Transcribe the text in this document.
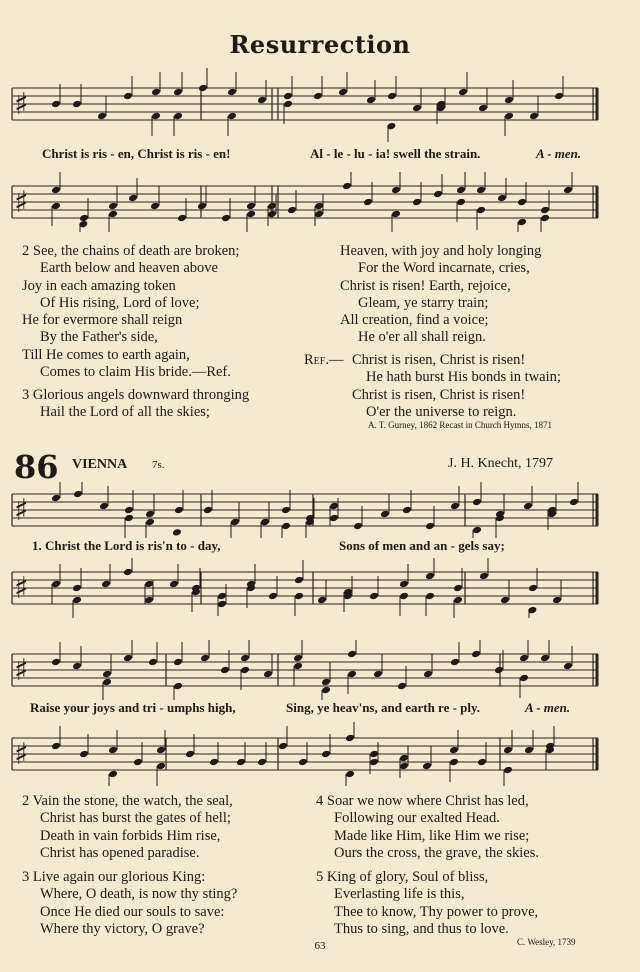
Resurrection
♯
Christ is ris - en, Christ is ris - en!	Al - le - lu - ia! swell the strain.	A - men.
♯
2 See, the chains of death are broken;
Earth below and heaven above
Joy in each amazing token
Of His rising, Lord of love;
He for evermore shall reign
By the Father's side,
Till He comes to earth again,
Comes to claim His bride.—Ref.
3 Glorious angels downward thronging
Hail the Lord of all the skies;
Heaven, with joy and holy longing
For the Word incarnate, cries,
Christ is risen! Earth, rejoice,
Gleam, ye starry train;
All creation, find a voice;
He o'er all shall reign.
Ref.— Christ is risen, Christ is risen!
He hath burst His bonds in twain;
Christ is risen, Christ is risen!
O'er the universe to reign.
A. T. Gurney, 1862 Recast in Church Hymns, 1871
86 VIENNA 7s.	J. H. Knecht, 1797
♯
1. Christ the Lord is ris'n to - day,	Sons of men and an - gels say;
♯
♯
Raise your joys and tri - umphs high,	Sing, ye heav'ns, and earth re - ply.	A - men.
♯
2 Vain the stone, the watch, the seal,
Christ has burst the gates of hell;
Death in vain forbids Him rise,
Christ has opened paradise.
3 Live again our glorious King:
Where, O death, is now thy sting?
Once He died our souls to save:
Where thy victory, O grave?
4 Soar we now where Christ has led,
Following our exalted Head.
Made like Him, like Him we rise;
Ours the cross, the grave, the skies.
5 King of glory, Soul of bliss,
Everlasting life is this,
Thee to know, Thy power to prove,
Thus to sing, and thus to love.
C. Wesley, 1739
63
